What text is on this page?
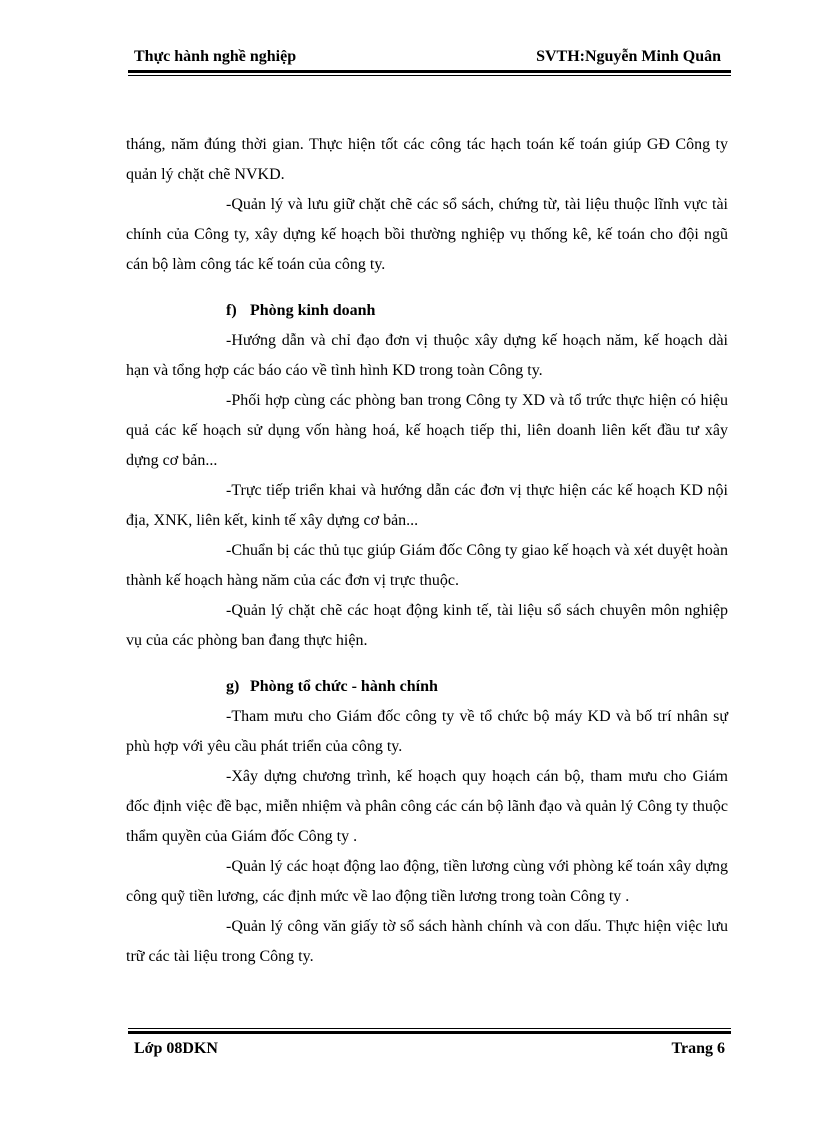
Thực hành nghề nghiệp	SVTH:Nguyễn Minh Quân

tháng, năm đúng thời gian. Thực hiện tốt các công tác hạch toán kế toán giúp GĐ Công ty quản lý chặt chẽ NVKD.

-Quản lý và lưu giữ chặt chẽ các sổ sách, chứng từ, tài liệu thuộc lĩnh vực tài chính của Công ty, xây dựng kế hoạch bồi thường nghiệp vụ thống kê, kế toán cho đội ngũ cán bộ làm công tác kế toán của công ty.

f) Phòng kinh doanh

-Hướng dẫn và chỉ đạo đơn vị thuộc xây dựng kế hoạch năm, kế hoạch dài hạn và tổng hợp các báo cáo về tình hình KD trong toàn Công ty.

-Phối hợp cùng các phòng ban trong Công ty XD và tổ trức thực hiện có hiệu quả các kế hoạch sử dụng vốn hàng hoá, kế hoạch tiếp thi, liên doanh liên kết đầu tư xây dựng cơ bản...

-Trực tiếp triển khai và hướng dẫn các đơn vị thực hiện các kế hoạch KD nội địa, XNK, liên kết, kinh tế xây dựng cơ bản...

-Chuẩn bị các thủ tục giúp Giám đốc Công ty giao kế hoạch và xét duyệt hoàn thành kế hoạch hàng năm của các đơn vị trực thuộc.

-Quản lý chặt chẽ các hoạt động kinh tế, tài liệu sổ sách chuyên môn nghiệp vụ của các phòng ban đang thực hiện.

g) Phòng tổ chức - hành chính

-Tham mưu cho Giám đốc công ty về tổ chức bộ máy KD và bố trí nhân sự phù hợp với yêu cầu phát triển của công ty.

-Xây dựng chương trình, kế hoạch quy hoạch cán bộ, tham mưu cho Giám đốc định việc đề bạc, miễn nhiệm và phân công các cán bộ lãnh đạo và quản lý Công ty thuộc thẩm quyền của Giám đốc Công ty .

-Quản lý các hoạt động lao động, tiền lương cùng với phòng kế toán xây dựng công quỹ tiền lương, các định mức về lao động tiền lương trong toàn Công ty .

-Quản lý công văn giấy tờ sổ sách hành chính và con dấu. Thực hiện việc lưu trữ các tài liệu trong Công ty.

Lớp 08DKN	Trang 6
